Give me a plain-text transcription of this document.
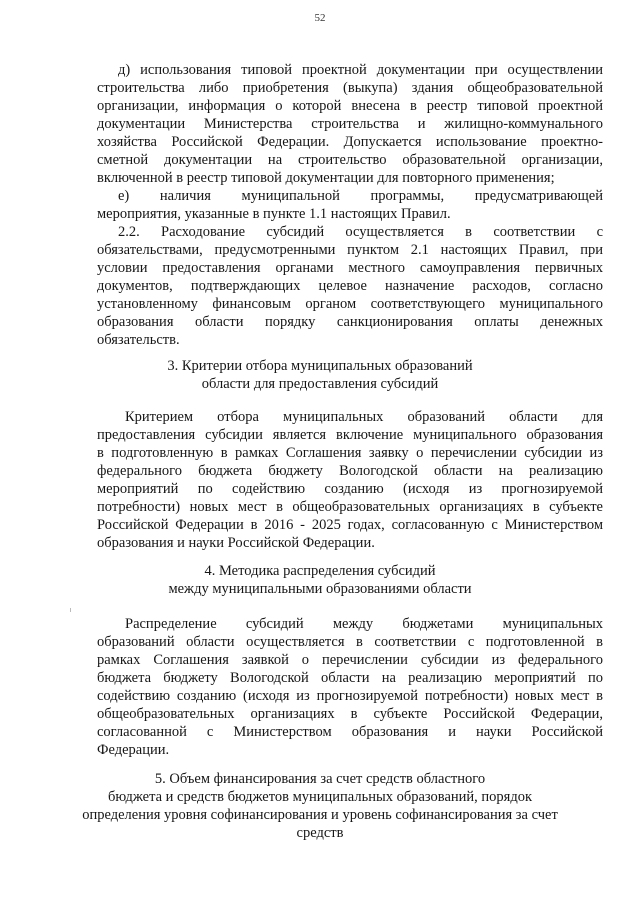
52
д) использования типовой проектной документации при осуществлении
строительства либо приобретения (выкупа) здания общеобразовательной
организации, информация о которой внесена в реестр типовой проектной
документации Министерства строительства и жилищно-коммунального
хозяйства Российской Федерации. Допускается использование проектно-
сметной документации на строительство образовательной организации,
включенной в реестр типовой документации для повторного применения;
е) наличия муниципальной программы, предусматривающей
мероприятия, указанные в пункте 1.1 настоящих Правил.
2.2. Расходование субсидий осуществляется в соответствии с
обязательствами, предусмотренными пунктом 2.1 настоящих Правил, при
условии предоставления органами местного самоуправления первичных
документов, подтверждающих целевое назначение расходов, согласно
установленному финансовым органом соответствующего муниципального
образования области порядку санкционирования оплаты денежных
обязательств.
3. Критерии отбора муниципальных образований
области для предоставления субсидий
Критерием отбора муниципальных образований области для
предоставления субсидии является включение муниципального образования
в подготовленную в рамках Соглашения заявку о перечислении субсидии из
федерального бюджета бюджету Вологодской области на реализацию
мероприятий по содействию созданию (исходя из прогнозируемой
потребности) новых мест в общеобразовательных организациях в субъекте
Российской Федерации в 2016 - 2025 годах, согласованную с Министерством
образования и науки Российской Федерации.
4. Методика распределения субсидий
между муниципальными образованиями области
Распределение субсидий между бюджетами муниципальных
образований области осуществляется в соответствии с подготовленной в
рамках Соглашения заявкой о перечислении субсидии из федерального
бюджета бюджету Вологодской области на реализацию мероприятий по
содействию созданию (исходя из прогнозируемой потребности) новых мест в
общеобразовательных организациях в субъекте Российской Федерации,
согласованной с Министерством образования и науки Российской
Федерации.
5. Объем финансирования за счет средств областного
бюджета и средств бюджетов муниципальных образований, порядок
определения уровня софинансирования и уровень софинансирования за счет
средств
